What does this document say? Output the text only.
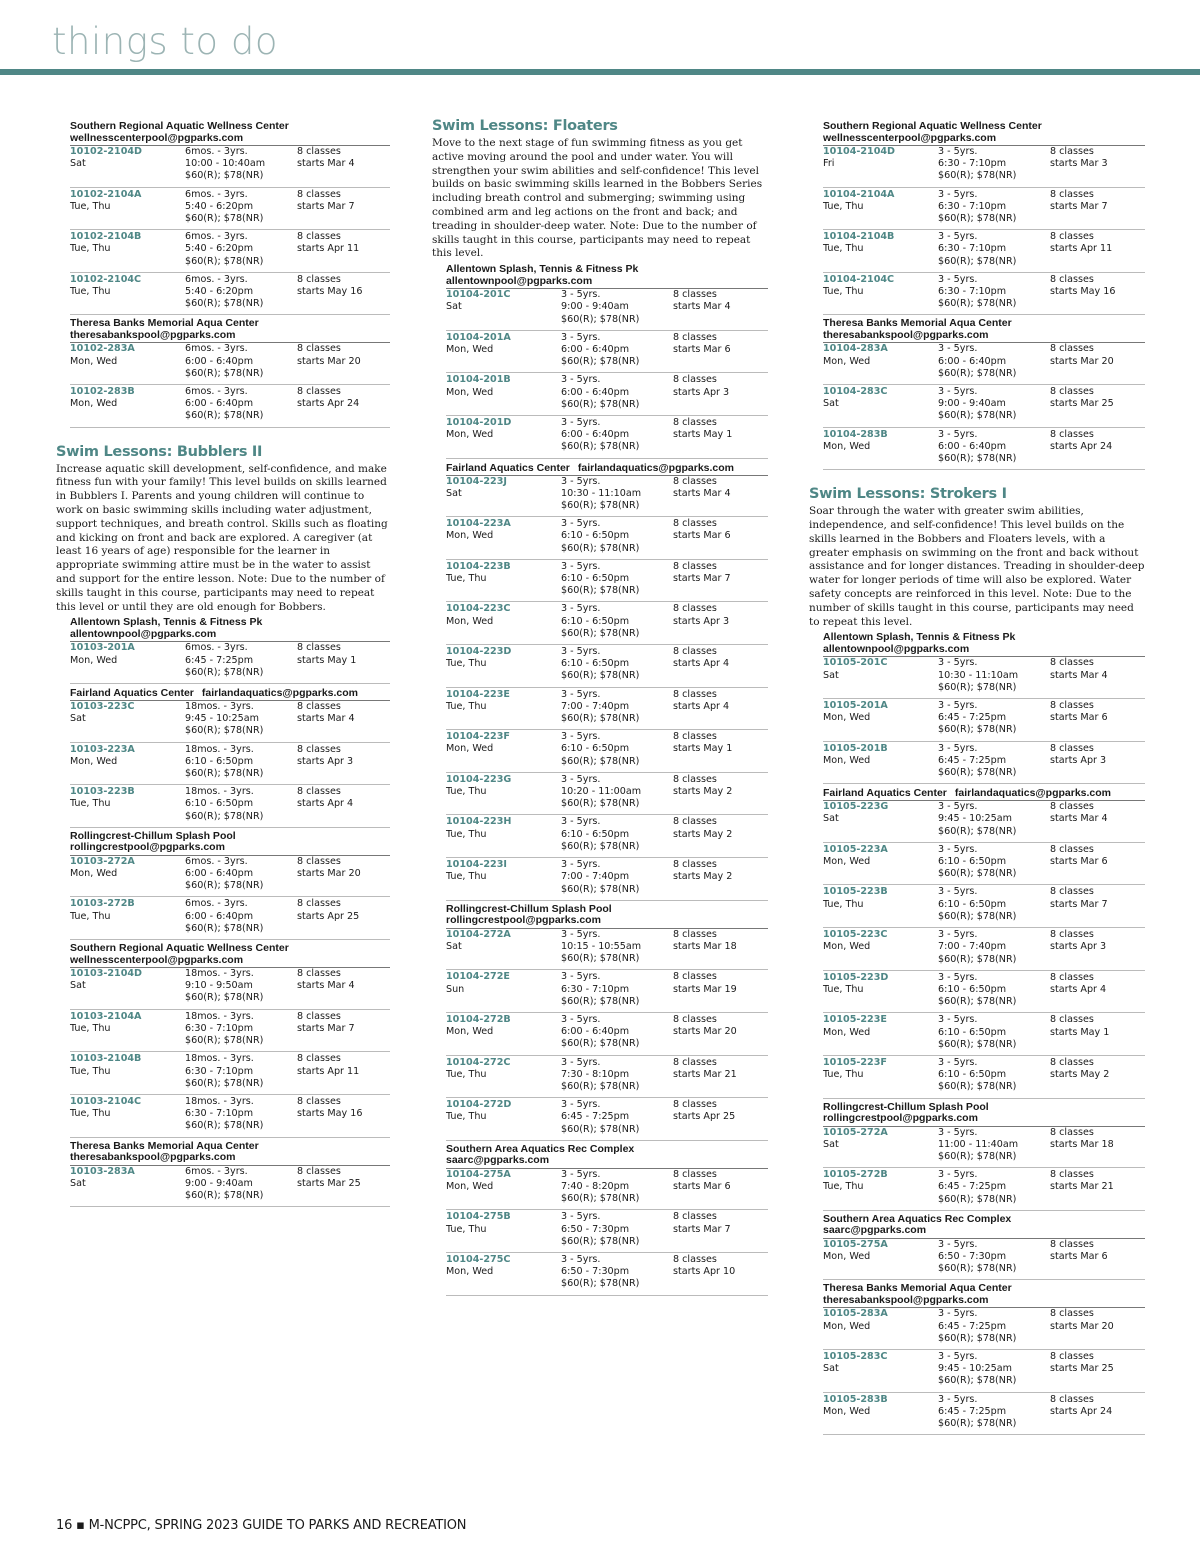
things to do
Southern Regional Aquatic Wellness Center
wellnesscenterpool@pgparks.com
10102-2104D
Sat
6mos. - 3yrs.
10:00 - 10:40am
$60(R); $78(NR)
8 classes
starts Mar 4
10102-2104A
Tue, Thu
6mos. - 3yrs.
5:40 - 6:20pm
$60(R); $78(NR)
8 classes
starts Mar 7
10102-2104B
Tue, Thu
6mos. - 3yrs.
5:40 - 6:20pm
$60(R); $78(NR)
8 classes
starts Apr 11
10102-2104C
Tue, Thu
6mos. - 3yrs.
5:40 - 6:20pm
$60(R); $78(NR)
8 classes
starts May 16
Theresa Banks Memorial Aqua Center
theresabankspool@pgparks.com
10102-283A
Mon, Wed
6mos. - 3yrs.
6:00 - 6:40pm
$60(R); $78(NR)
8 classes
starts Mar 20
10102-283B
Mon, Wed
6mos. - 3yrs.
6:00 - 6:40pm
$60(R); $78(NR)
8 classes
starts Apr 24
Swim Lessons: Bubblers II

Increase aquatic skill development, self-confidence, and make fitness fun with your family! This level builds on skills learned in Bubblers I. Parents and young children will continue to work on basic swimming skills including water adjustment, support techniques, and breath control. Skills such as floating and kicking on front and back are explored. A caregiver (at least 16 years of age) responsible for the learner in appropriate swimming attire must be in the water to assist and support for the entire lesson. Note: Due to the number of skills taught in this course, participants may need to repeat this level or until they are old enough for Bobbers.

Allentown Splash, Tennis & Fitness Pk
allentownpool@pgparks.com
10103-201A
Mon, Wed
6mos. - 3yrs.
6:45 - 7:25pm
$60(R); $78(NR)
8 classes
starts May 1
Fairland Aquatics Center fairlandaquatics@pgparks.com
10103-223C
Sat
18mos. - 3yrs.
9:45 - 10:25am
$60(R); $78(NR)
8 classes
starts Mar 4
10103-223A
Mon, Wed
18mos. - 3yrs.
6:10 - 6:50pm
$60(R); $78(NR)
8 classes
starts Apr 3
10103-223B
Tue, Thu
18mos. - 3yrs.
6:10 - 6:50pm
$60(R); $78(NR)
8 classes
starts Apr 4
Rollingcrest-Chillum Splash Pool
rollingcrestpool@pgparks.com
10103-272A
Mon, Wed
6mos. - 3yrs.
6:00 - 6:40pm
$60(R); $78(NR)
8 classes
starts Mar 20
10103-272B
Tue, Thu
6mos. - 3yrs.
6:00 - 6:40pm
$60(R); $78(NR)
8 classes
starts Apr 25
Southern Regional Aquatic Wellness Center
wellnesscenterpool@pgparks.com
10103-2104D
Sat
18mos. - 3yrs.
9:10 - 9:50am
$60(R); $78(NR)
8 classes
starts Mar 4
10103-2104A
Tue, Thu
18mos. - 3yrs.
6:30 - 7:10pm
$60(R); $78(NR)
8 classes
starts Mar 7
10103-2104B
Tue, Thu
18mos. - 3yrs.
6:30 - 7:10pm
$60(R); $78(NR)
8 classes
starts Apr 11
10103-2104C
Tue, Thu
18mos. - 3yrs.
6:30 - 7:10pm
$60(R); $78(NR)
8 classes
starts May 16
Theresa Banks Memorial Aqua Center
theresabankspool@pgparks.com
10103-283A
Sat
6mos. - 3yrs.
9:00 - 9:40am
$60(R); $78(NR)
8 classes
starts Mar 25
Swim Lessons: Floaters

Move to the next stage of fun swimming fitness as you get active moving around the pool and under water. You will strengthen your swim abilities and self-confidence! This level builds on basic swimming skills learned in the Bobbers Series including breath control and submerging; swimming using combined arm and leg actions on the front and back; and treading in shoulder-deep water. Note: Due to the number of skills taught in this course, participants may need to repeat this level.

Allentown Splash, Tennis & Fitness Pk
allentownpool@pgparks.com
10104-201C
Sat
3 - 5yrs.
9:00 - 9:40am
$60(R); $78(NR)
8 classes
starts Mar 4
10104-201A
Mon, Wed
3 - 5yrs.
6:00 - 6:40pm
$60(R); $78(NR)
8 classes
starts Mar 6
10104-201B
Mon, Wed
3 - 5yrs.
6:00 - 6:40pm
$60(R); $78(NR)
8 classes
starts Apr 3
10104-201D
Mon, Wed
3 - 5yrs.
6:00 - 6:40pm
$60(R); $78(NR)
8 classes
starts May 1
Fairland Aquatics Center fairlandaquatics@pgparks.com
10104-223J
Sat
3 - 5yrs.
10:30 - 11:10am
$60(R); $78(NR)
8 classes
starts Mar 4
10104-223A
Mon, Wed
3 - 5yrs.
6:10 - 6:50pm
$60(R); $78(NR)
8 classes
starts Mar 6
10104-223B
Tue, Thu
3 - 5yrs.
6:10 - 6:50pm
$60(R); $78(NR)
8 classes
starts Mar 7
10104-223C
Mon, Wed
3 - 5yrs.
6:10 - 6:50pm
$60(R); $78(NR)
8 classes
starts Apr 3
10104-223D
Tue, Thu
3 - 5yrs.
6:10 - 6:50pm
$60(R); $78(NR)
8 classes
starts Apr 4
10104-223E
Tue, Thu
3 - 5yrs.
7:00 - 7:40pm
$60(R); $78(NR)
8 classes
starts Apr 4
10104-223F
Mon, Wed
3 - 5yrs.
6:10 - 6:50pm
$60(R); $78(NR)
8 classes
starts May 1
10104-223G
Tue, Thu
3 - 5yrs.
10:20 - 11:00am
$60(R); $78(NR)
8 classes
starts May 2
10104-223H
Tue, Thu
3 - 5yrs.
6:10 - 6:50pm
$60(R); $78(NR)
8 classes
starts May 2
10104-223I
Tue, Thu
3 - 5yrs.
7:00 - 7:40pm
$60(R); $78(NR)
8 classes
starts May 2
Rollingcrest-Chillum Splash Pool
rollingcrestpool@pgparks.com
10104-272A
Sat
3 - 5yrs.
10:15 - 10:55am
$60(R); $78(NR)
8 classes
starts Mar 18
10104-272E
Sun
3 - 5yrs.
6:30 - 7:10pm
$60(R); $78(NR)
8 classes
starts Mar 19
10104-272B
Mon, Wed
3 - 5yrs.
6:00 - 6:40pm
$60(R); $78(NR)
8 classes
starts Mar 20
10104-272C
Tue, Thu
3 - 5yrs.
7:30 - 8:10pm
$60(R); $78(NR)
8 classes
starts Mar 21
10104-272D
Tue, Thu
3 - 5yrs.
6:45 - 7:25pm
$60(R); $78(NR)
8 classes
starts Apr 25
Southern Area Aquatics Rec Complex
saarc@pgparks.com
10104-275A
Mon, Wed
3 - 5yrs.
7:40 - 8:20pm
$60(R); $78(NR)
8 classes
starts Mar 6
10104-275B
Tue, Thu
3 - 5yrs.
6:50 - 7:30pm
$60(R); $78(NR)
8 classes
starts Mar 7
10104-275C
Mon, Wed
3 - 5yrs.
6:50 - 7:30pm
$60(R); $78(NR)
8 classes
starts Apr 10
Southern Regional Aquatic Wellness Center
wellnesscenterpool@pgparks.com
10104-2104D
Fri
3 - 5yrs.
6:30 - 7:10pm
$60(R); $78(NR)
8 classes
starts Mar 3
10104-2104A
Tue, Thu
3 - 5yrs.
6:30 - 7:10pm
$60(R); $78(NR)
8 classes
starts Mar 7
10104-2104B
Tue, Thu
3 - 5yrs.
6:30 - 7:10pm
$60(R); $78(NR)
8 classes
starts Apr 11
10104-2104C
Tue, Thu
3 - 5yrs.
6:30 - 7:10pm
$60(R); $78(NR)
8 classes
starts May 16
Theresa Banks Memorial Aqua Center
theresabankspool@pgparks.com
10104-283A
Mon, Wed
3 - 5yrs.
6:00 - 6:40pm
$60(R); $78(NR)
8 classes
starts Mar 20
10104-283C
Sat
3 - 5yrs.
9:00 - 9:40am
$60(R); $78(NR)
8 classes
starts Mar 25
10104-283B
Mon, Wed
3 - 5yrs.
6:00 - 6:40pm
$60(R); $78(NR)
8 classes
starts Apr 24
Swim Lessons: Strokers I

Soar through the water with greater swim abilities, independence, and self-confidence! This level builds on the skills learned in the Bobbers and Floaters levels, with a greater emphasis on swimming on the front and back without assistance and for longer distances. Treading in shoulder-deep water for longer periods of time will also be explored. Water safety concepts are reinforced in this level. Note: Due to the number of skills taught in this course, participants may need to repeat this level.

Allentown Splash, Tennis & Fitness Pk
allentownpool@pgparks.com
10105-201C
Sat
3 - 5yrs.
10:30 - 11:10am
$60(R); $78(NR)
8 classes
starts Mar 4
10105-201A
Mon, Wed
3 - 5yrs.
6:45 - 7:25pm
$60(R); $78(NR)
8 classes
starts Mar 6
10105-201B
Mon, Wed
3 - 5yrs.
6:45 - 7:25pm
$60(R); $78(NR)
8 classes
starts Apr 3
Fairland Aquatics Center fairlandaquatics@pgparks.com
10105-223G
Sat
3 - 5yrs.
9:45 - 10:25am
$60(R); $78(NR)
8 classes
starts Mar 4
10105-223A
Mon, Wed
3 - 5yrs.
6:10 - 6:50pm
$60(R); $78(NR)
8 classes
starts Mar 6
10105-223B
Tue, Thu
3 - 5yrs.
6:10 - 6:50pm
$60(R); $78(NR)
8 classes
starts Mar 7
10105-223C
Mon, Wed
3 - 5yrs.
7:00 - 7:40pm
$60(R); $78(NR)
8 classes
starts Apr 3
10105-223D
Tue, Thu
3 - 5yrs.
6:10 - 6:50pm
$60(R); $78(NR)
8 classes
starts Apr 4
10105-223E
Mon, Wed
3 - 5yrs.
6:10 - 6:50pm
$60(R); $78(NR)
8 classes
starts May 1
10105-223F
Tue, Thu
3 - 5yrs.
6:10 - 6:50pm
$60(R); $78(NR)
8 classes
starts May 2
Rollingcrest-Chillum Splash Pool
rollingcrestpool@pgparks.com
10105-272A
Sat
3 - 5yrs.
11:00 - 11:40am
$60(R); $78(NR)
8 classes
starts Mar 18
10105-272B
Tue, Thu
3 - 5yrs.
6:45 - 7:25pm
$60(R); $78(NR)
8 classes
starts Mar 21
Southern Area Aquatics Rec Complex
saarc@pgparks.com
10105-275A
Mon, Wed
3 - 5yrs.
6:50 - 7:30pm
$60(R); $78(NR)
8 classes
starts Mar 6
Theresa Banks Memorial Aqua Center
theresabankspool@pgparks.com
10105-283A
Mon, Wed
3 - 5yrs.
6:45 - 7:25pm
$60(R); $78(NR)
8 classes
starts Mar 20
10105-283C
Sat
3 - 5yrs.
9:45 - 10:25am
$60(R); $78(NR)
8 classes
starts Mar 25
10105-283B
Mon, Wed
3 - 5yrs.
6:45 - 7:25pm
$60(R); $78(NR)
8 classes
starts Apr 24
16 ▪ M-NCPPC, SPRING 2023 GUIDE TO PARKS AND RECREATION
